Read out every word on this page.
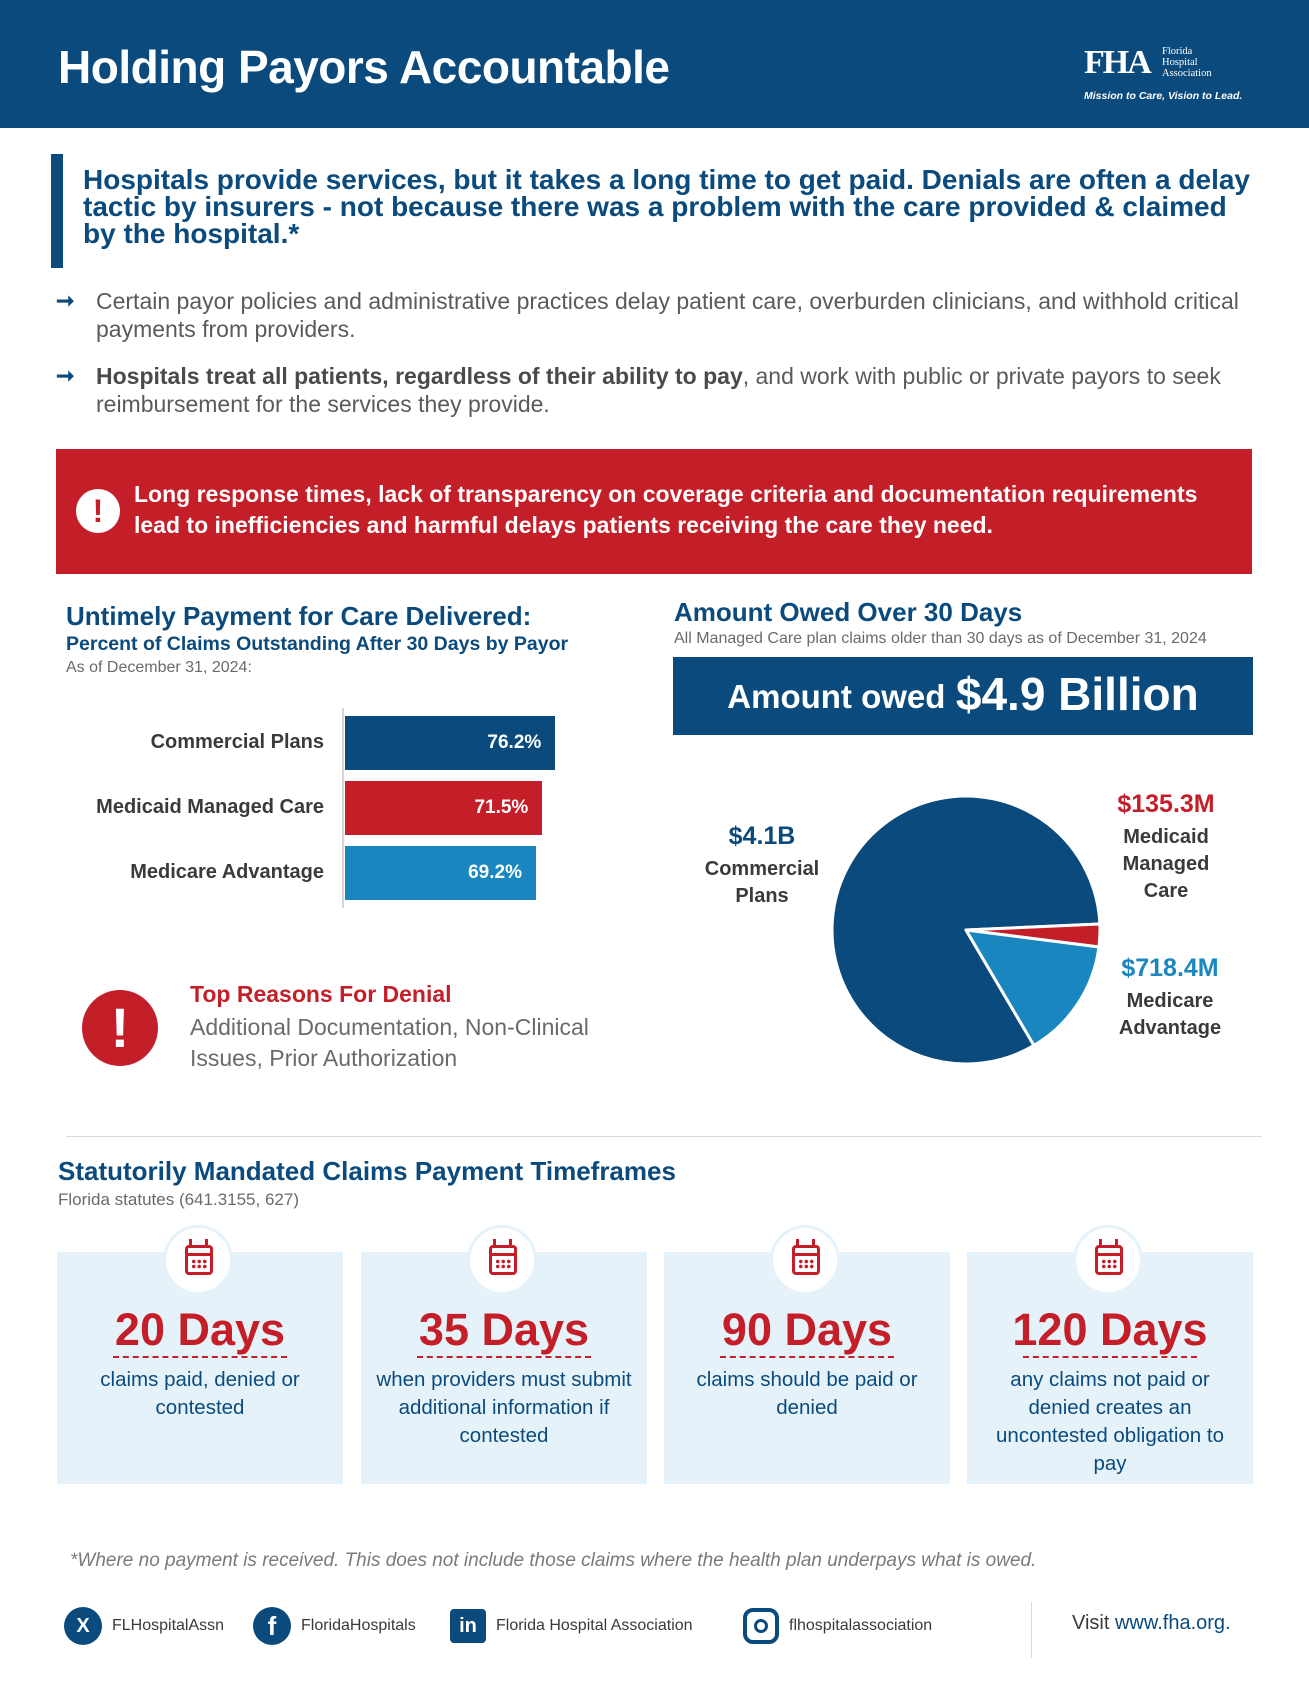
Holding Payors Accountable	FHA Florida
Hospital
Association
Mission to Care, Vision to Lead.
Hospitals provide services, but it takes a long time to get paid. Denials are often a delay tactic by insurers - not because there was a problem with the care provided & claimed by the hospital.*
➞ Certain payor policies and administrative practices delay patient care, overburden clinicians, and withhold critical payments from providers.
➞ Hospitals treat all patients, regardless of their ability to pay, and work with public or private payors to seek reimbursement for the services they provide.
!	Long response times, lack of transparency on coverage criteria and documentation requirements lead to inefficiencies and harmful delays patients receiving the care they need.
Untimely Payment for Care Delivered:
Percent of Claims Outstanding After 30 Days by Payor
As of December 31, 2024:
Commercial Plans	76.2%
Medicaid Managed Care	71.5%
Medicare Advantage	69.2%
!
Top Reasons For Denial
Additional Documentation, Non-Clinical Issues, Prior Authorization
Amount Owed Over 30 Days
All Managed Care plan claims older than 30 days as of December 31, 2024
Amount owed $4.9 Billion
$4.1B
Commercial
Plans
$135.3M
Medicaid
Managed
Care
$718.4M
Medicare
Advantage
Statutorily Mandated Claims Payment Timeframes
Florida statutes (641.3155, 627)
20 Days
claims paid, denied or contested
35 Days
when providers must submit additional information if contested
90 Days
claims should be paid or denied
120 Days
any claims not paid or denied creates an uncontested obligation to pay
*Where no payment is received. This does not include those claims where the health plan underpays what is owed.
X	FLHospitalAssn	f	FloridaHospitals	in	Florida Hospital Association	flhospitalassociation	Visit www.fha.org.
